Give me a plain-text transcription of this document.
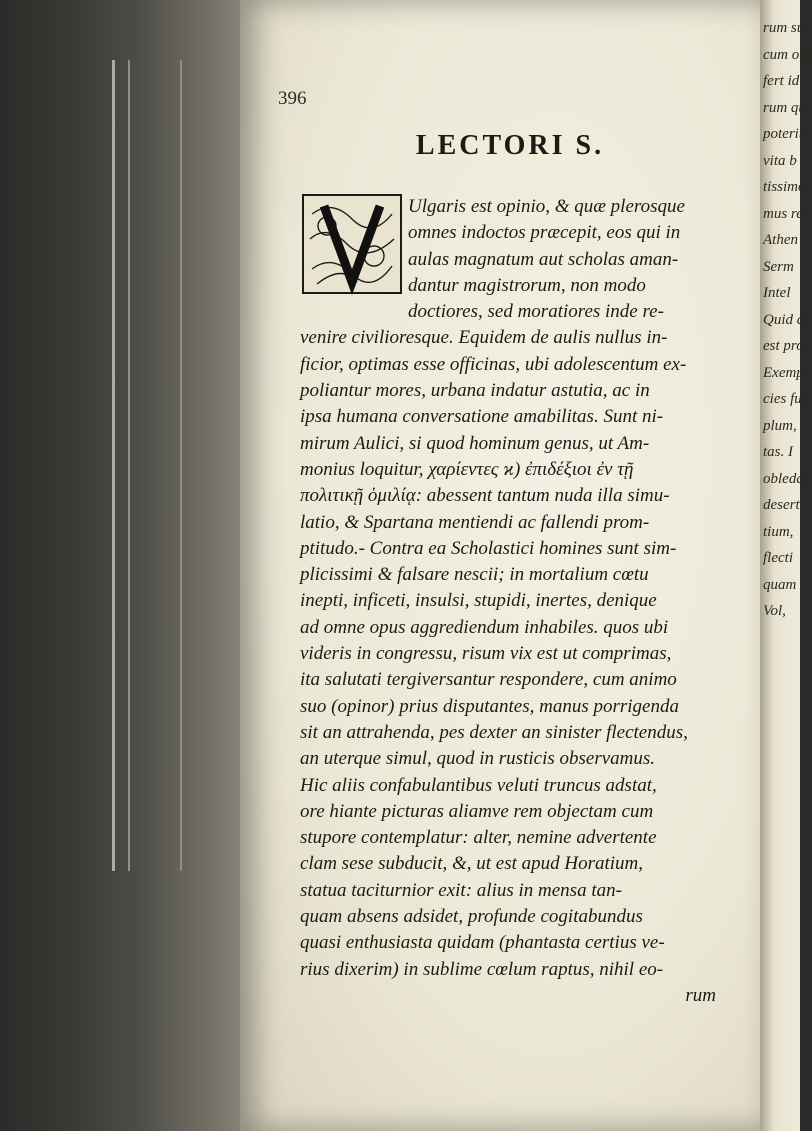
396
LECTORI S.
Ulgaris est opinio, & quæ plerosque
omnes indoctos præcepit, eos qui in
aulas magnatum aut scholas aman-
dantur magistrorum, non modo
doctiores, sed moratiores inde re-
venire civilioresque. Equidem de aulis nullus in-
ficior, optimas esse officinas, ubi adolescentum ex-
poliantur mores, urbana indatur astutia, ac in
ipsa humana conversatione amabilitas. Sunt ni-
mirum Aulici, si quod hominum genus, ut Am-
monius loquitur, χαρίεντες ϰ) ἐπιδέξιοι ἐν τῇ
πολιτικῇ ὁμιλίᾳ: abessent tantum nuda illa simu-
latio, & Spartana mentiendi ac fallendi prom-
ptitudo.- Contra ea Scholastici homines sunt sim-
plicissimi & falsare nescii; in mortalium cœtu
inepti, inficeti, insulsi, stupidi, inertes, denique
ad omne opus aggrediendum inhabiles. quos ubi
videris in congressu, risum vix est ut comprimas,
ita salutati tergiversantur respondere, cum animo
suo (opinor) prius disputantes, manus porrigenda
sit an attrahenda, pes dexter an sinister flectendus,
an uterque simul, quod in rusticis observamus.
Hic aliis confabulantibus veluti truncus adstat,
ore hiante picturas aliamve rem objectam cum
stupore contemplatur: alter, nemine advertente
clam sese subducit, &, ut est apud Horatium,
statua taciturnior exit: alius in mensa tan-
quam absens adsidet, profunde cogitabundus
quasi enthusiasta quidam (phantasta certius ve-
rius dixerim) in sublime cœlum raptus, nihil eo-
rum
rum sui
cum ord
fert id
rum qu
poterit
vita b
tissimo
mus re
Athen
Serm
Intel
Quid d
est pro
Exemp
cies fue
plum,
tas. I
obledat
desert
tium,
flecti
quam
Vol,
